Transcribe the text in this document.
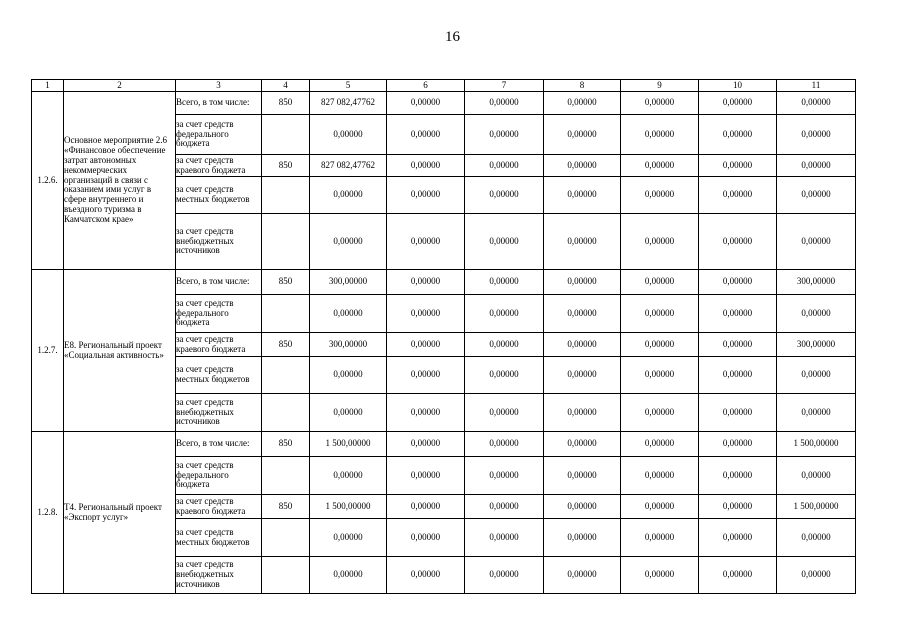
16
1	2	3	4	5	6	7	8	9	10	11
1.2.6.	Основное мероприятие 2.6 «Финансовое обеспечение затрат автономных некоммерческих организаций в связи с оказанием ими услуг в сфере внутреннего и въездного туризма в Камчатском крае»	Всего, в том числе:	850	827 082,47762	0,00000	0,00000	0,00000	0,00000	0,00000	0,00000
		за счет средств федерального бюджета		0,00000	0,00000	0,00000	0,00000	0,00000	0,00000	0,00000
		за счет средств краевого бюджета	850	827 082,47762	0,00000	0,00000	0,00000	0,00000	0,00000	0,00000
		за счет средств местных бюджетов		0,00000	0,00000	0,00000	0,00000	0,00000	0,00000	0,00000
		за счет средств внебюджетных источников		0,00000	0,00000	0,00000	0,00000	0,00000	0,00000	0,00000
1.2.7.	Е8. Региональный проект «Социальная активность»	Всего, в том числе:	850	300,00000	0,00000	0,00000	0,00000	0,00000	0,00000	300,00000
		за счет средств федерального бюджета		0,00000	0,00000	0,00000	0,00000	0,00000	0,00000	0,00000
		за счет средств краевого бюджета	850	300,00000	0,00000	0,00000	0,00000	0,00000	0,00000	300,00000
		за счет средств местных бюджетов		0,00000	0,00000	0,00000	0,00000	0,00000	0,00000	0,00000
		за счет средств внебюджетных источников		0,00000	0,00000	0,00000	0,00000	0,00000	0,00000	0,00000
1.2.8.	Т4. Региональный проект «Экспорт услуг»	Всего, в том числе:	850	1 500,00000	0,00000	0,00000	0,00000	0,00000	0,00000	1 500,00000
		за счет средств федерального бюджета		0,00000	0,00000	0,00000	0,00000	0,00000	0,00000	0,00000
		за счет средств краевого бюджета	850	1 500,00000	0,00000	0,00000	0,00000	0,00000	0,00000	1 500,00000
		за счет средств местных бюджетов		0,00000	0,00000	0,00000	0,00000	0,00000	0,00000	0,00000
		за счет средств внебюджетных источников		0,00000	0,00000	0,00000	0,00000	0,00000	0,00000	0,00000
